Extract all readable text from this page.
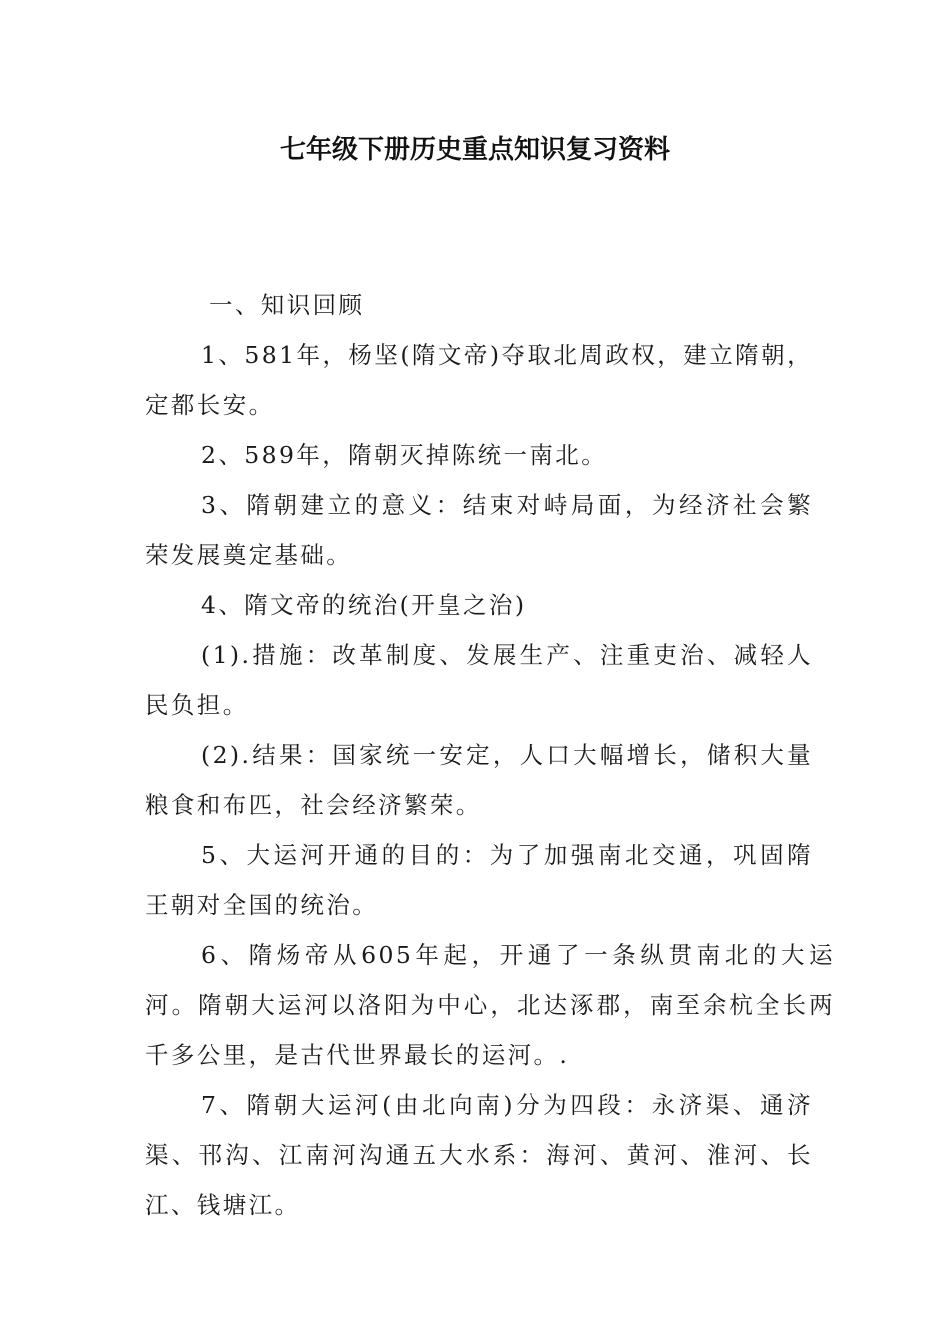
七年级下册历史重点知识复习资料

一、知识回顾

1、581年，杨坚(隋文帝)夺取北周政权，建立隋朝，定都长安。

2、589年，隋朝灭掉陈统一南北。

3、隋朝建立的意义：结束对峙局面，为经济社会繁荣发展奠定基础。

4、隋文帝的统治(开皇之治)

(1).措施：改革制度、发展生产、注重吏治、减轻人民负担。

(2).结果：国家统一安定，人口大幅增长，储积大量粮食和布匹，社会经济繁荣。

5、大运河开通的目的：为了加强南北交通，巩固隋王朝对全国的统治。

6、隋炀帝从605年起，开通了一条纵贯南北的大运河。隋朝大运河以洛阳为中心，北达涿郡，南至余杭全长两千多公里，是古代世界最长的运河。.

7、隋朝大运河(由北向南)分为四段：永济渠、通济渠、邗沟、江南河沟通五大水系：海河、黄河、淮河、长江、钱塘江。
